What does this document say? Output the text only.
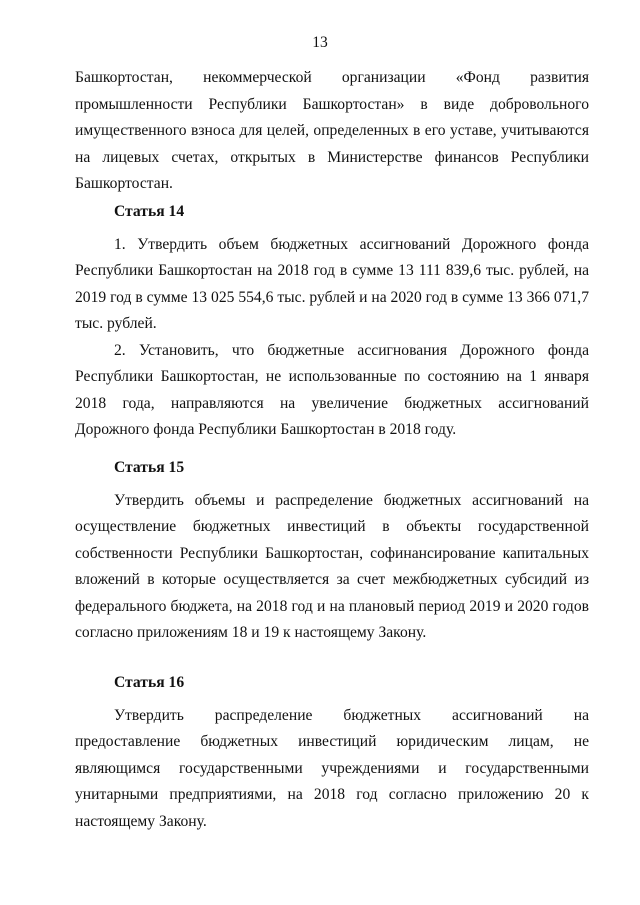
13

Башкортостан, некоммерческой организации «Фонд развития промышленности Республики Башкортостан» в виде добровольного имущественного взноса для целей, определенных в его уставе, учитываются на лицевых счетах, открытых в Министерстве финансов Республики Башкортостан.

Статья 14

1. Утвердить объем бюджетных ассигнований Дорожного фонда Республики Башкортостан на 2018 год в сумме 13 111 839,6 тыс. рублей, на 2019 год в сумме 13 025 554,6 тыс. рублей и на 2020 год в сумме 13 366 071,7 тыс. рублей.

2. Установить, что бюджетные ассигнования Дорожного фонда Республики Башкортостан, не использованные по состоянию на 1 января 2018 года, направляются на увеличение бюджетных ассигнований Дорожного фонда Республики Башкортостан в 2018 году.

Статья 15

Утвердить объемы и распределение бюджетных ассигнований на осуществление бюджетных инвестиций в объекты государственной собственности Республики Башкортостан, софинансирование капитальных вложений в которые осуществляется за счет межбюджетных субсидий из федерального бюджета, на 2018 год и на плановый период 2019 и 2020 годов согласно приложениям 18 и 19 к настоящему Закону.

Статья 16

Утвердить распределение бюджетных ассигнований на предоставление бюджетных инвестиций юридическим лицам, не являющимся государственными учреждениями и государственными унитарными предприятиями, на 2018 год согласно приложению 20 к настоящему Закону.
